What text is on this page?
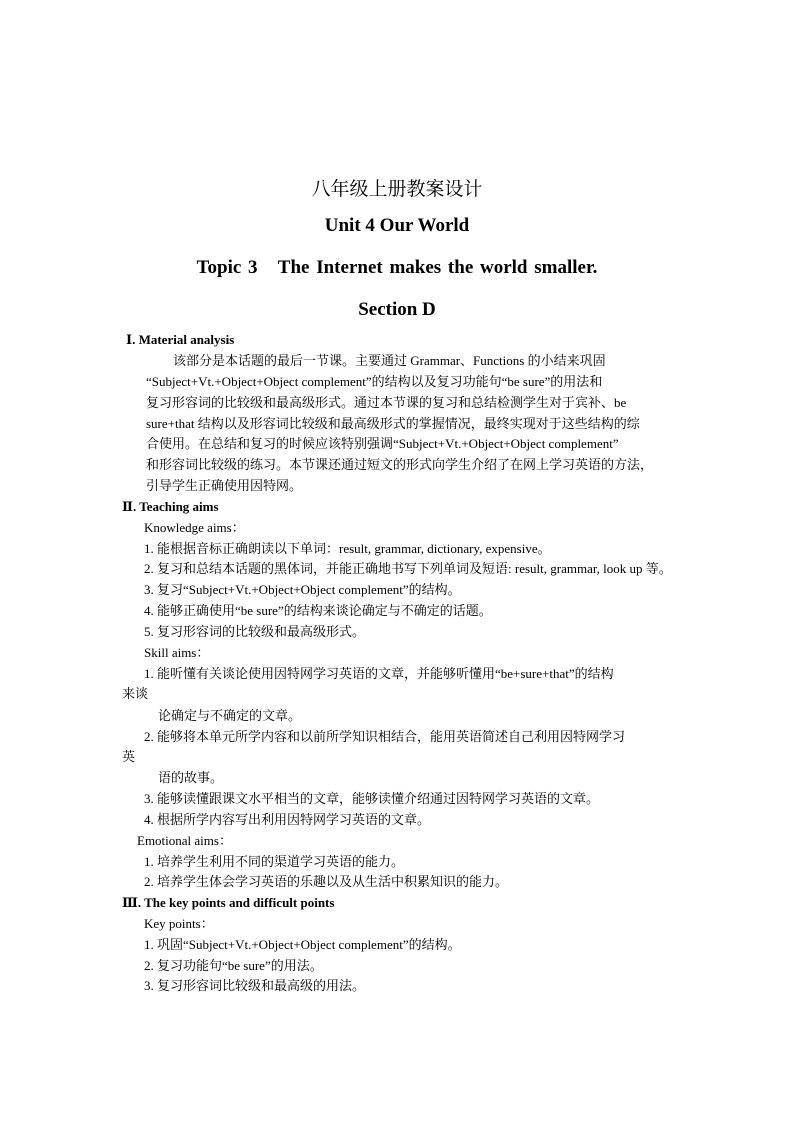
八年级上册教案设计
Unit 4 Our World
Topic 3   The Internet makes the world smaller.
Section D
Ⅰ. Material analysis
该部分是本话题的最后一节课。主要通过 Grammar、Functions 的小结来巩固
“Subject+Vt.+Object+Object complement”的结构以及复习功能句“be sure”的用法和
复习形容词的比较级和最高级形式。通过本节课的复习和总结检测学生对于宾补、be
sure+that 结构以及形容词比较级和最高级形式的掌握情况，最终实现对于这些结构的综
合使用。在总结和复习的时候应该特别强调“Subject+Vt.+Object+Object complement”
和形容词比较级的练习。本节课还通过短文的形式向学生介绍了在网上学习英语的方法，
引导学生正确使用因特网。
Ⅱ. Teaching aims
Knowledge aims：
1. 能根据音标正确朗读以下单词：result, grammar, dictionary, expensive。
2. 复习和总结本话题的黑体词，并能正确地书写下列单词及短语: result, grammar, look up 等。
3. 复习“Subject+Vt.+Object+Object complement”的结构。
4. 能够正确使用“be sure”的结构来谈论确定与不确定的话题。
5. 复习形容词的比较级和最高级形式。
Skill aims：
1. 能听懂有关谈论使用因特网学习英语的文章，并能够听懂用“be+sure+that”的结构
来谈
论确定与不确定的文章。
2. 能够将本单元所学内容和以前所学知识相结合，能用英语简述自己利用因特网学习
英
语的故事。
3. 能够读懂跟课文水平相当的文章，能够读懂介绍通过因特网学习英语的文章。
4. 根据所学内容写出利用因特网学习英语的文章。
Emotional aims：
1. 培养学生利用不同的渠道学习英语的能力。
2. 培养学生体会学习英语的乐趣以及从生活中积累知识的能力。
Ⅲ. The key points and difficult points
Key points：
1. 巩固“Subject+Vt.+Object+Object complement”的结构。
2. 复习功能句“be sure”的用法。
3. 复习形容词比较级和最高级的用法。
